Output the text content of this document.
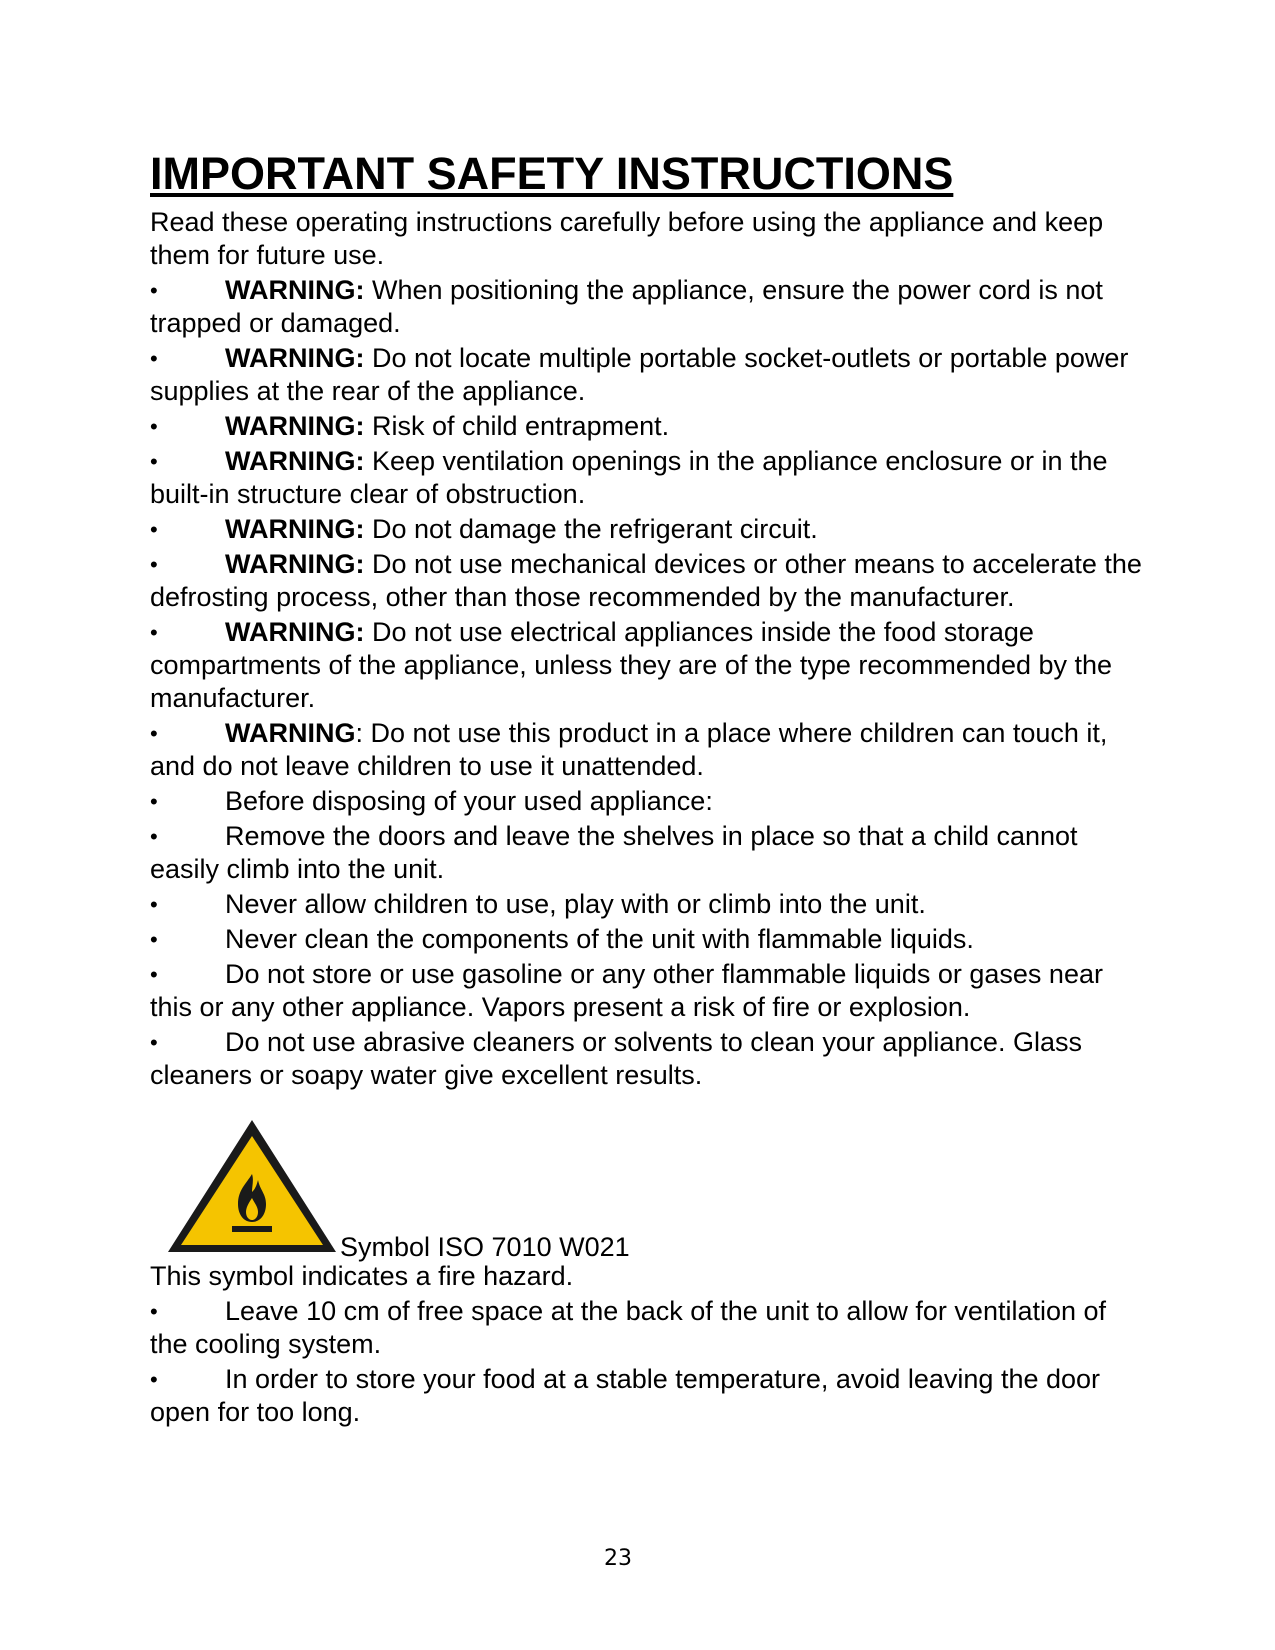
IMPORTANT SAFETY INSTRUCTIONS

Read these operating instructions carefully before using the appliance and keep them for future use.

• WARNING: When positioning the appliance, ensure the power cord is not trapped or damaged.
• WARNING: Do not locate multiple portable socket-outlets or portable power supplies at the rear of the appliance.
• WARNING: Risk of child entrapment.
• WARNING: Keep ventilation openings in the appliance enclosure or in the built-in structure clear of obstruction.
• WARNING: Do not damage the refrigerant circuit.
• WARNING: Do not use mechanical devices or other means to accelerate the defrosting process, other than those recommended by the manufacturer.
• WARNING: Do not use electrical appliances inside the food storage compartments of the appliance, unless they are of the type recommended by the manufacturer.
• WARNING: Do not use this product in a place where children can touch it, and do not leave children to use it unattended.
• Before disposing of your used appliance:
• Remove the doors and leave the shelves in place so that a child cannot easily climb into the unit.
• Never allow children to use, play with or climb into the unit.
• Never clean the components of the unit with flammable liquids.
• Do not store or use gasoline or any other flammable liquids or gases near this or any other appliance. Vapors present a risk of fire or explosion.
• Do not use abrasive cleaners or solvents to clean your appliance. Glass cleaners or soapy water give excellent results.
Symbol ISO 7010 W021

This symbol indicates a fire hazard.

• Leave 10 cm of free space at the back of the unit to allow for ventilation of the cooling system.
• In order to store your food at a stable temperature, avoid leaving the door open for too long.
23
